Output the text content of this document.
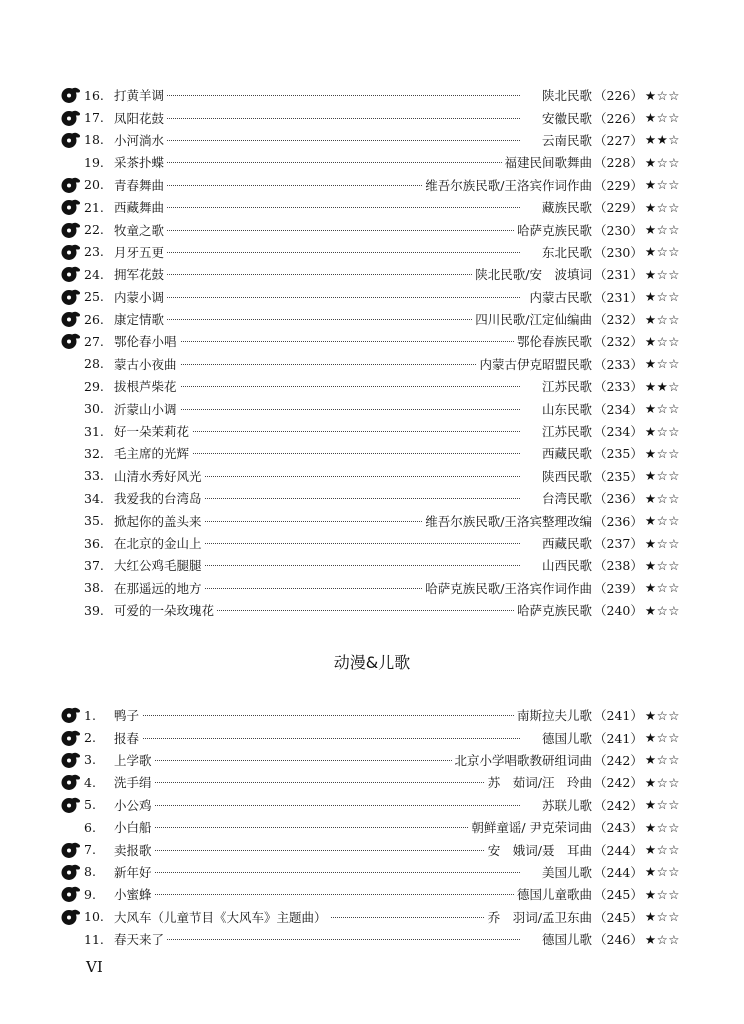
16. 打黄羊调	陕北民歌 （226） ★☆☆
17. 凤阳花鼓	安徽民歌 （226） ★☆☆
18. 小河淌水	云南民歌 （227） ★★☆
19. 采茶扑蝶	福建民间歌舞曲 （228） ★☆☆
20. 青春舞曲	维吾尔族民歌/王洛宾作词作曲 （229） ★☆☆
21. 西藏舞曲	藏族民歌 （229） ★☆☆
22. 牧童之歌	哈萨克族民歌 （230） ★☆☆
23. 月牙五更	东北民歌 （230） ★☆☆
24. 拥军花鼓	陕北民歌/安　波填词 （231） ★☆☆
25. 内蒙小调	内蒙古民歌 （231） ★☆☆
26. 康定情歌	四川民歌/江定仙编曲 （232） ★☆☆
27. 鄂伦春小唱	鄂伦春族民歌 （232） ★☆☆
28. 蒙古小夜曲	内蒙古伊克昭盟民歌 （233） ★☆☆
29. 拔根芦柴花	江苏民歌 （233） ★★☆
30. 沂蒙山小调	山东民歌 （234） ★☆☆
31. 好一朵茉莉花	江苏民歌 （234） ★☆☆
32. 毛主席的光辉	西藏民歌 （235） ★☆☆
33. 山清水秀好风光	陕西民歌 （235） ★☆☆
34. 我爱我的台湾岛	台湾民歌 （236） ★☆☆
35. 掀起你的盖头来	维吾尔族民歌/王洛宾整理改编 （236） ★☆☆
36. 在北京的金山上	西藏民歌 （237） ★☆☆
37. 大红公鸡毛腿腿	山西民歌 （238） ★☆☆
38. 在那遥远的地方	哈萨克族民歌/王洛宾作词作曲 （239） ★☆☆
39. 可爱的一朵玫瑰花	哈萨克族民歌 （240） ★☆☆
动漫&儿歌
1.	鸭子	南斯拉夫儿歌 （241） ★☆☆
2.	报春	德国儿歌 （241） ★☆☆
3.	上学歌	北京小学唱歌教研组词曲 （242） ★☆☆
4.	洗手绢	苏　茹词/汪　玲曲 （242） ★☆☆
5.	小公鸡	苏联儿歌 （242） ★☆☆
6.	小白船	朝鲜童谣/ 尹克荣词曲 （243） ★☆☆
7.	卖报歌	安　娥词/聂　耳曲 （244） ★☆☆
8.	新年好	美国儿歌 （244） ★☆☆
9.	小蜜蜂	德国儿童歌曲 （245） ★☆☆
10. 大风车（儿童节目《大风车》主题曲）	乔　羽词/孟卫东曲 （245） ★☆☆
11. 春天来了	德国儿歌 （246） ★☆☆
VI
